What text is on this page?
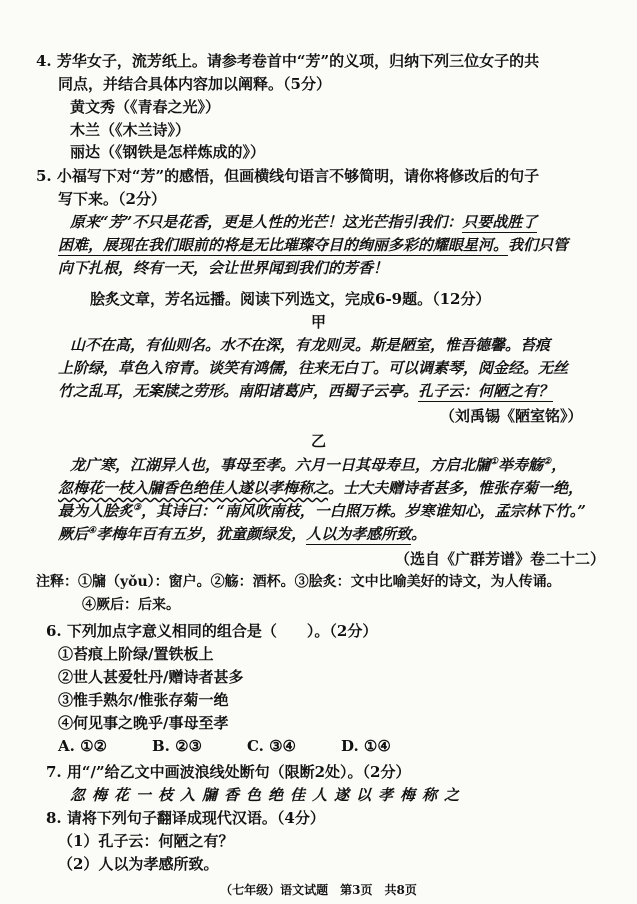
4. 芳华女子，流芳纸上。请参考卷首中“芳”的义项，归纳下列三位女子的共
同点，并结合具体内容加以阐释。（5分）
黄文秀（《青春之光》）
木兰（《木兰诗》）
丽达（《钢铁是怎样炼成的》）
5. 小福写下对“芳”的感悟，但画横线句语言不够简明，请你将修改后的句子
写下来。（2分）
原来“芳”不只是花香，更是人性的光芒！这光芒指引我们：只要战胜了
困难，展现在我们眼前的将是无比璀璨夺目的绚丽多彩的耀眼星河。我们只管
向下扎根，终有一天，会让世界闻到我们的芳香！
脍炙文章，芳名远播。阅读下列选文，完成6-9题。（12分）
甲
山不在高，有仙则名。水不在深，有龙则灵。斯是陋室，惟吾德馨。苔痕
上阶绿，草色入帘青。谈笑有鸿儒，往来无白丁。可以调素琴，阅金经。无丝
竹之乱耳，无案牍之劳形。南阳诸葛庐，西蜀子云亭。孔子云：何陋之有？
（刘禹锡《陋室铭》）
乙
龙广寒，江湖异人也，事母至孝。六月一日其母寿旦，方启北牖①举寿觞②，
忽梅花一枝入牖香色绝佳人遂以孝梅称之。士大夫赠诗者甚多，惟张存菊一绝，
最为人脍炙③，其诗曰：“南风吹南枝，一白照万株。岁寒谁知心，孟宗林下竹。”
厥后④孝梅年百有五岁，犹童颜绿发，人以为孝感所致。
（选自《广群芳谱》卷二十二）
注释：①牖（yǒu）：窗户。②觞：酒杯。③脍炙：文中比喻美好的诗文，为人传诵。
④厥后：后来。
6. 下列加点字意义相同的组合是（　　）。（2分）
①苔痕上阶绿/置铁板上
②世人甚爱牡丹/赠诗者甚多
③惟手熟尔/惟张存菊一绝
④何见事之晚乎/事母至孝
A. ①②　　　B. ②③　　　C. ③④　　　D. ①④
7. 用“/”给乙文中画波浪线处断句（限断2处）。（2分）
忽梅花一枝入牖香色绝佳人遂以孝梅称之
8. 请将下列句子翻译成现代汉语。（4分）
（1）孔子云：何陋之有？
（2）人以为孝感所致。
（七年级）语文试题　第3页　共8页
